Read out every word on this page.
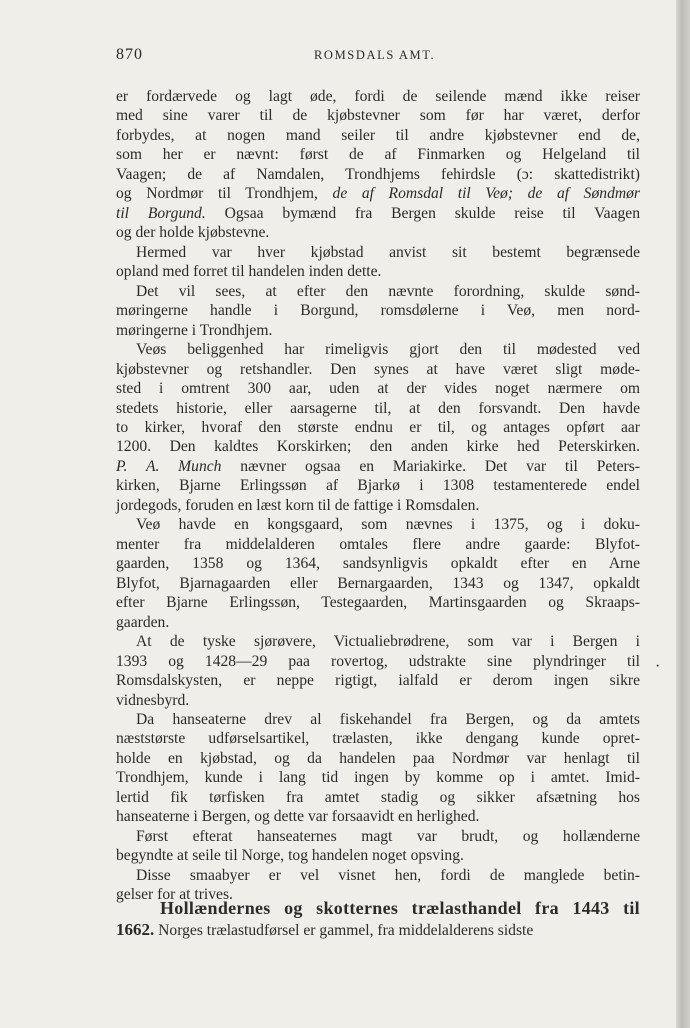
870	ROMSDALS AMT.
er fordærvede og lagt øde, fordi de seilende mænd ikke reiser
med sine varer til de kjøbstevner som før har været, derfor
forbydes, at nogen mand seiler til andre kjøbstevner end de,
som her er nævnt: først de af Finmarken og Helgeland til
Vaagen; de af Namdalen, Trondhjems fehirdsle (ɔ: skattedistrikt)
og Nordmør til Trondhjem, de af Romsdal til Veø; de af Søndmør
til Borgund. Ogsaa bymænd fra Bergen skulde reise til Vaagen
og der holde kjøbstevne.
Hermed var hver kjøbstad anvist sit bestemt begrænsede
opland med forret til handelen inden dette.
Det vil sees, at efter den nævnte forordning, skulde sønd-
møringerne handle i Borgund, romsdølerne i Veø, men nord-
møringerne i Trondhjem.
Veøs beliggenhed har rimeligvis gjort den til mødested ved
kjøbstevner og retshandler. Den synes at have været sligt møde-
sted i omtrent 300 aar, uden at der vides noget nærmere om
stedets historie, eller aarsagerne til, at den forsvandt. Den havde
to kirker, hvoraf den største endnu er til, og antages opført aar
1200. Den kaldtes Korskirken; den anden kirke hed Peterskirken.
P. A. Munch nævner ogsaa en Mariakirke. Det var til Peters-
kirken, Bjarne Erlingssøn af Bjarkø i 1308 testamenterede endel
jordegods, foruden en læst korn til de fattige i Romsdalen.
Veø havde en kongsgaard, som nævnes i 1375, og i doku-
menter fra middelalderen omtales flere andre gaarde: Blyfot-
gaarden, 1358 og 1364, sandsynligvis opkaldt efter en Arne
Blyfot, Bjarnagaarden eller Bernargaarden, 1343 og 1347, opkaldt
efter Bjarne Erlingssøn, Testegaarden, Martinsgaarden og Skraaps-
gaarden.
At de tyske sjørøvere, Victualiebrødrene, som var i Bergen i
1393 og 1428—29 paa rovertog, udstrakte sine plyndringer til
Romsdalskysten, er neppe rigtigt, ialfald er derom ingen sikre
vidnesbyrd.
Da hanseaterne drev al fiskehandel fra Bergen, og da amtets
næststørste udførselsartikel, trælasten, ikke dengang kunde opret-
holde en kjøbstad, og da handelen paa Nordmør var henlagt til
Trondhjem, kunde i lang tid ingen by komme op i amtet. Imid-
lertid fik tørfisken fra amtet stadig og sikker afsætning hos
hanseaterne i Bergen, og dette var forsaavidt en herlighed.
Først efterat hanseaternes magt var brudt, og hollænderne
begyndte at seile til Norge, tog handelen noget opsving.
Disse smaabyer er vel visnet hen, fordi de manglede betin-
gelser for at trives.
·
Hollændernes og skotternes trælasthandel fra 1443 til
1662. Norges trælastudførsel er gammel, fra middelalderens sidste
